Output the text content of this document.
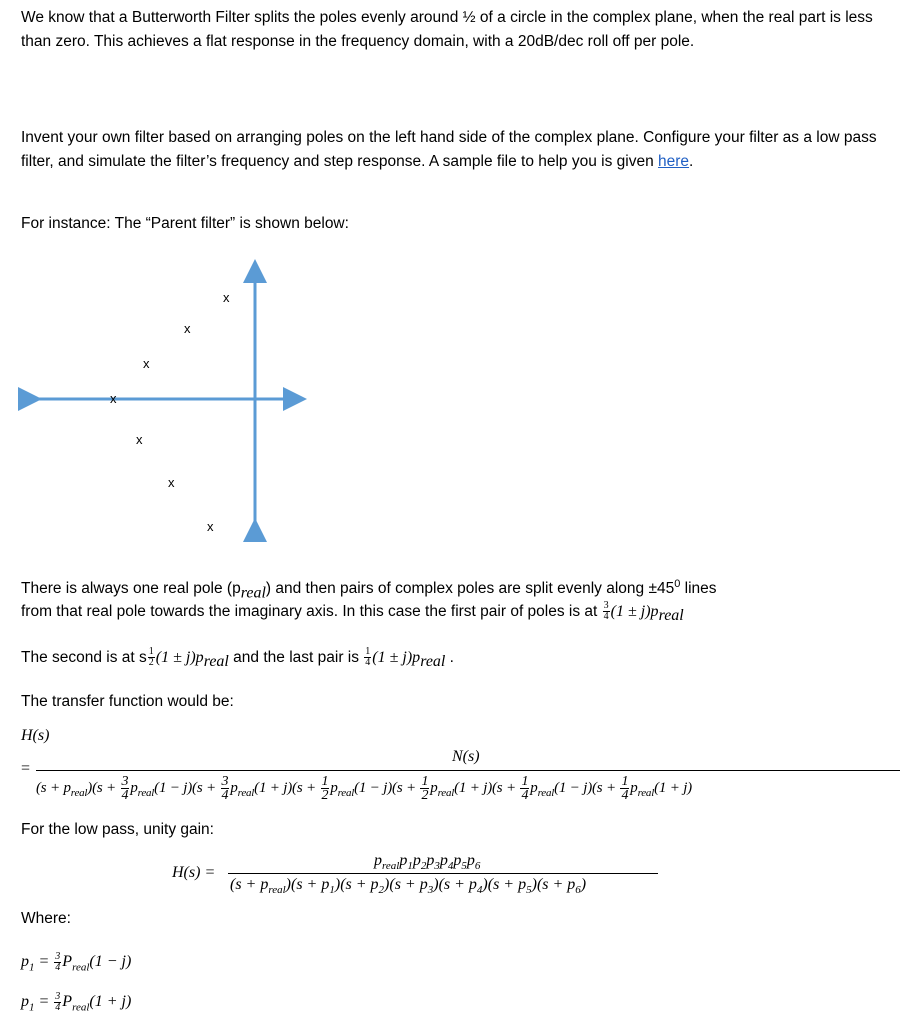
We know that a Butterworth Filter splits the poles evenly around ½ of a circle in the complex plane, when the real part is less than zero. This achieves a flat response in the frequency domain, with a 20dB/dec roll off per pole.

Invent your own filter based on arranging poles on the left hand side of the complex plane. Configure your filter as a low pass filter, and simulate the filter’s frequency and step response. A sample file to help you is given here.

For instance: The “Parent filter” is shown below:

x
x
x
x
x
x
x
There is always one real pole $(p_{real})$ and then pairs of complex poles are split evenly along $\pm 45^0$ lines
from that real pole towards the imaginary axis. In this case the first pair of poles is at $\frac{3}{4} (1 \pm j)p_{real}$
The second is at s $\frac{1}{2} (1 \pm j)p_{real}$ and the last pair is $\frac{1}{4} (1 \pm j)p_{real}$ .
The transfer function would be:
H(s)
=
N(s)
$(s + p_{real})(s + \frac{3}{4} p_{real}(1 - j)(s + \frac{3}{4} p_{real}(1 + j)(s + \frac{1}{2} p_{real}(1 - j)(s + \frac{1}{2} p_{real}(1 + j)(s + \frac{1}{4} p_{real}(1 - j)(s + \frac{1}{4} p_{real}(1 + j)$
For the low pass, unity gain:
H(s) =
$p_{real}p_1p_2p_3p_4p_5p_6$
$(s + p_{real})(s + p_1)(s + p_2)(s + p_3)(s + p_4)(s + p_5)(s + p_6)$
Where:
$p_1 = \frac{3}{4} P_{real}(1 - j)$
$p_1 = \frac{3}{4} P_{real}(1 + j)$
